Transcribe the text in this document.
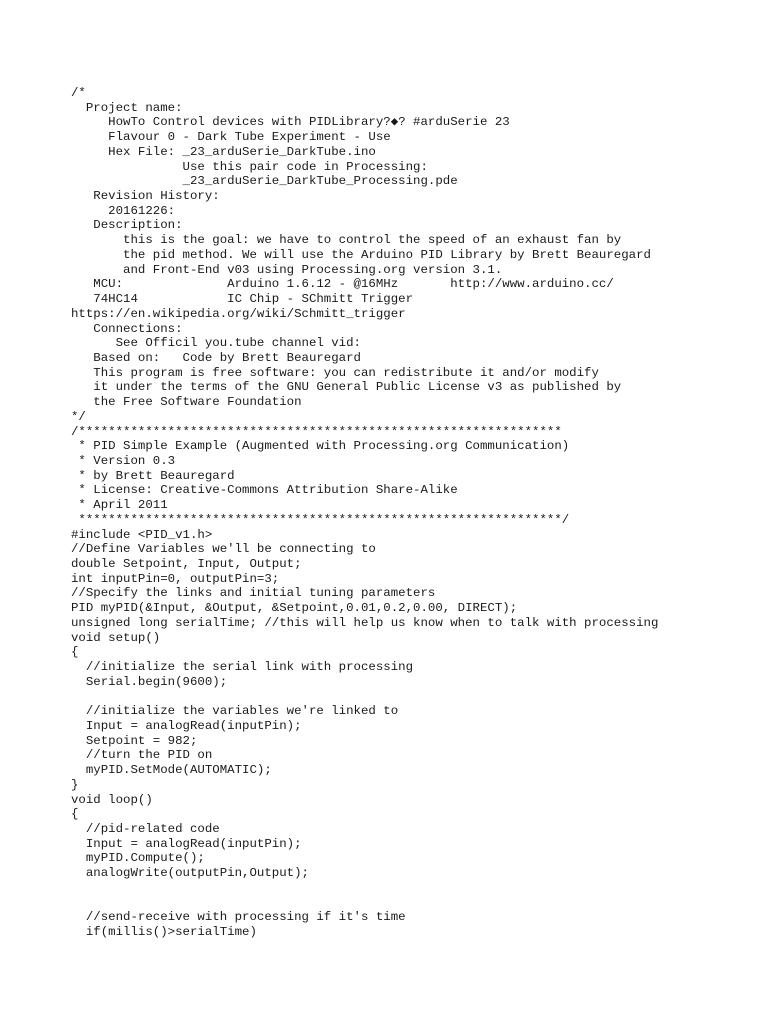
/*
Project name:
HowTo Control devices with PIDLibrary?◆? #arduSerie 23
Flavour 0 - Dark Tube Experiment - Use
Hex File: _23_arduSerie_DarkTube.ino
Use this pair code in Processing:
_23_arduSerie_DarkTube_Processing.pde
Revision History:
20161226:
Description:
this is the goal: we have to control the speed of an exhaust fan by
the pid method. We will use the Arduino PID Library by Brett Beauregard
and Front-End v03 using Processing.org version 3.1.
MCU:              Arduino 1.6.12 - @16MHz       http://www.arduino.cc/
74HC14            IC Chip - SChmitt Trigger
https://en.wikipedia.org/wiki/Schmitt_trigger
Connections:
See Officil you.tube channel vid:
Based on:   Code by Brett Beauregard
This program is free software: you can redistribute it and/or modify
it under the terms of the GNU General Public License v3 as published by
the Free Software Foundation
*/
/*****************************************************************
* PID Simple Example (Augmented with Processing.org Communication)
* Version 0.3
* by Brett Beauregard
* License: Creative-Commons Attribution Share-Alike
* April 2011
*****************************************************************/
#include <PID_v1.h>
//Define Variables we'll be connecting to
double Setpoint, Input, Output;
int inputPin=0, outputPin=3;
//Specify the links and initial tuning parameters
PID myPID(&Input, &Output, &Setpoint,0.01,0.2,0.00, DIRECT);
unsigned long serialTime; //this will help us know when to talk with processing
void setup()
{
//initialize the serial link with processing
Serial.begin(9600);
//initialize the variables we're linked to
Input = analogRead(inputPin);
Setpoint = 982;
//turn the PID on
myPID.SetMode(AUTOMATIC);
}
void loop()
{
//pid-related code
Input = analogRead(inputPin);
myPID.Compute();
analogWrite(outputPin,Output);
//send-receive with processing if it's time
if(millis()>serialTime)
